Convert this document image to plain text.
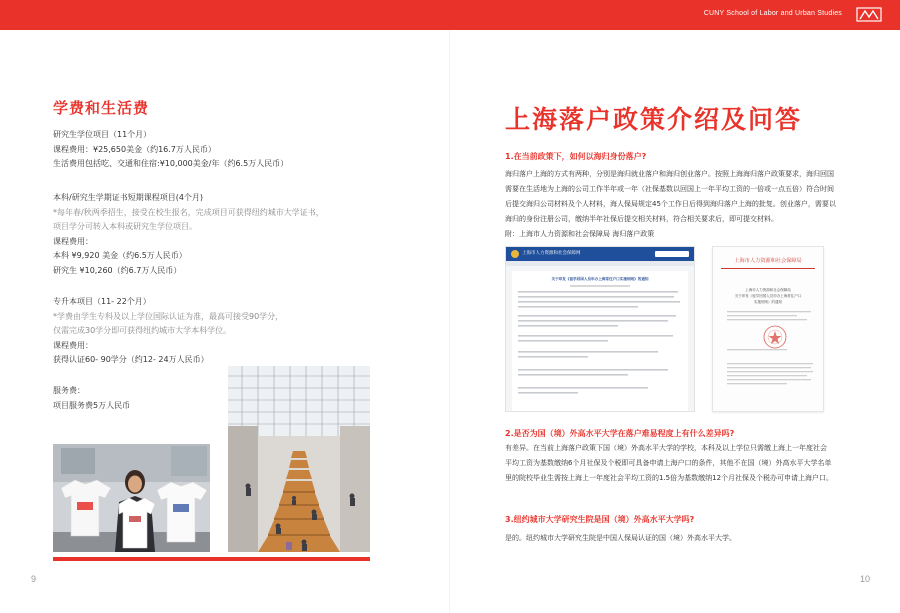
CUNY School of Labor and Urban Studies
学费和生活费
研究生学位项目（11个月）
课程费用：¥25,650美金（约16.7万人民币）
生活费用包括吃、交通和住宿:¥10,000美金/年（约6.5万人民币）
本科/研究生学期证书短期课程项目(4个月)
*每年春/秋两季招生，接受在校生报名，完成项目可获得纽约城市大学证书，
项目学分可转入本科或研究生学位项目。
课程费用：
本科 ¥9,920 美金（约6.5万人民币）
研究生 ¥10,260（约6.7万人民币）
专升本项目（11- 22个月）
*学费由学生专科及以上学位国际认证为准，最高可接受90学分，
仅需完成30学分即可获得纽约城市大学本科学位。
课程费用：
获得认证60- 90学分（约12- 24万人民币）
服务费：
项目服务费5万人民币
9
上海落户政策介绍及问答
1.在当前政策下，如何以海归身份落户?
海归落户上海的方式有两种，分别是海归就业落户和海归创业落户。按照上海海归落户政策要求，海归回国
需要在生活地为上海的公司工作半年或一年（社保基数以回国上一年平均工资的一倍或一点五倍）符合时间
后提交海归公司材料及个人材料，海人保局规定45个工作日后得到海归落户上海的批复。创业落户，需要以
海归的身份注册公司，缴纳半年社保后提交相关材料，符合相关要求后，即可提交材料。
附：上海市人力资源和社会保障局 海归落户政策
上海市人力资源和社会保障网
关于印发《留学回国人员申办上海常住户口实施细则》的通知
上海市人力资源和社会保障局
上海市人力资源和社会保障局
关于印发《留学回国人员申办上海常住户口
实施细则》的通知
2.是否为国（境）外高水平大学在落户难易程度上有什么差异吗?
有差异。在当前上海落户政策下国（境）外高水平大学的学校，本科及以上学位只需缴上海上一年度社会
平均工资为基数缴纳6个月社保及个税即可具备申请上海户口的条件，其他不在国（境）外高水平大学名单
里的院校毕业生需按上海上一年度社会平均工资的1.5倍为基数缴纳12个月社保及个税办可申请上海户口。
3.纽约城市大学研究生院是国（境）外高水平大学吗?
是的。纽约城市大学研究生院是中国人保局认证的国（境）外高水平大学。
10
